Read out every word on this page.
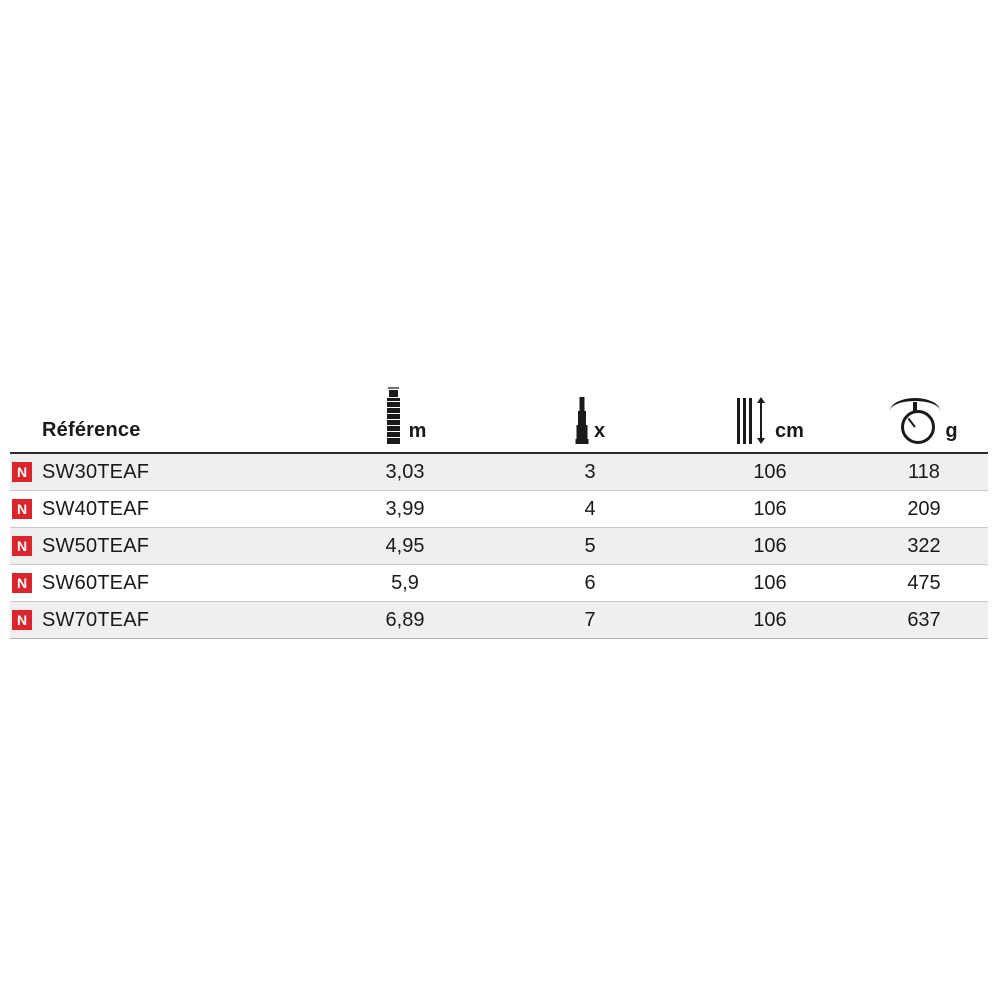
Référence	m	x	cm	g

N SW30TEAF	3,03	3	106	118

N SW40TEAF	3,99	4	106	209

N SW50TEAF	4,95	5	106	322

N SW60TEAF	5,9	6	106	475

N SW70TEAF	6,89	7	106	637
